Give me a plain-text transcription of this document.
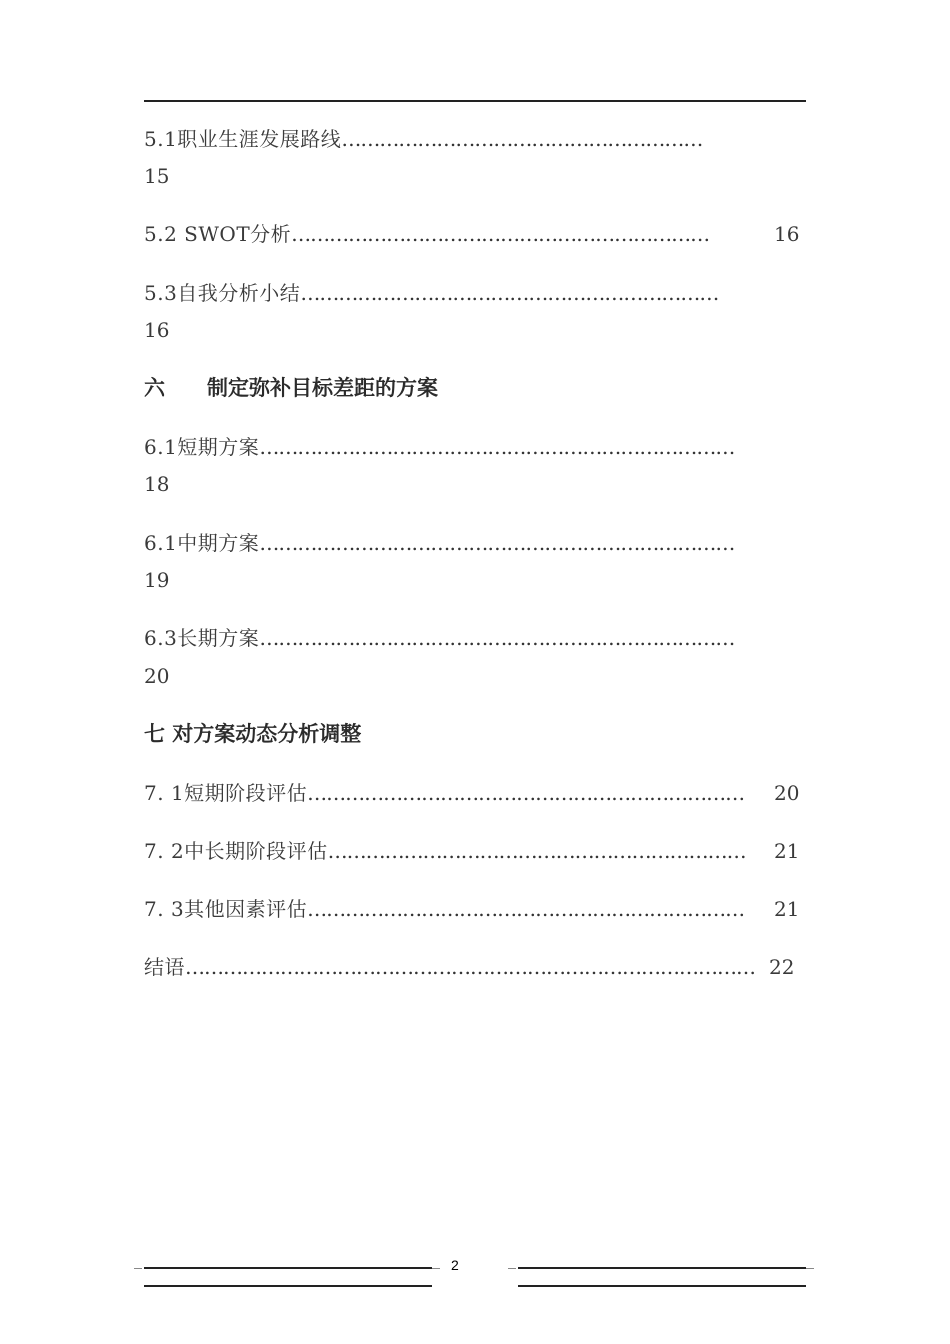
5.1职业生涯发展路线…………………………………………………
15
5.2 SWOT分析…………………………………………………………	16
5.3自我分析小结…………………………………………………………
16
六　　制定弥补目标差距的方案
6.1短期方案…………………………………………………………………
18
6.1中期方案…………………………………………………………………
19
6.3长期方案…………………………………………………………………
20
七 对方案动态分析调整
7. 1短期阶段评估…………………………………………………………… 20
7. 2中长期阶段评估………………………………………………………… 21
7. 3其他因素评估…………………………………………………………… 21
结语……………………………………………………………………………… 22
2
